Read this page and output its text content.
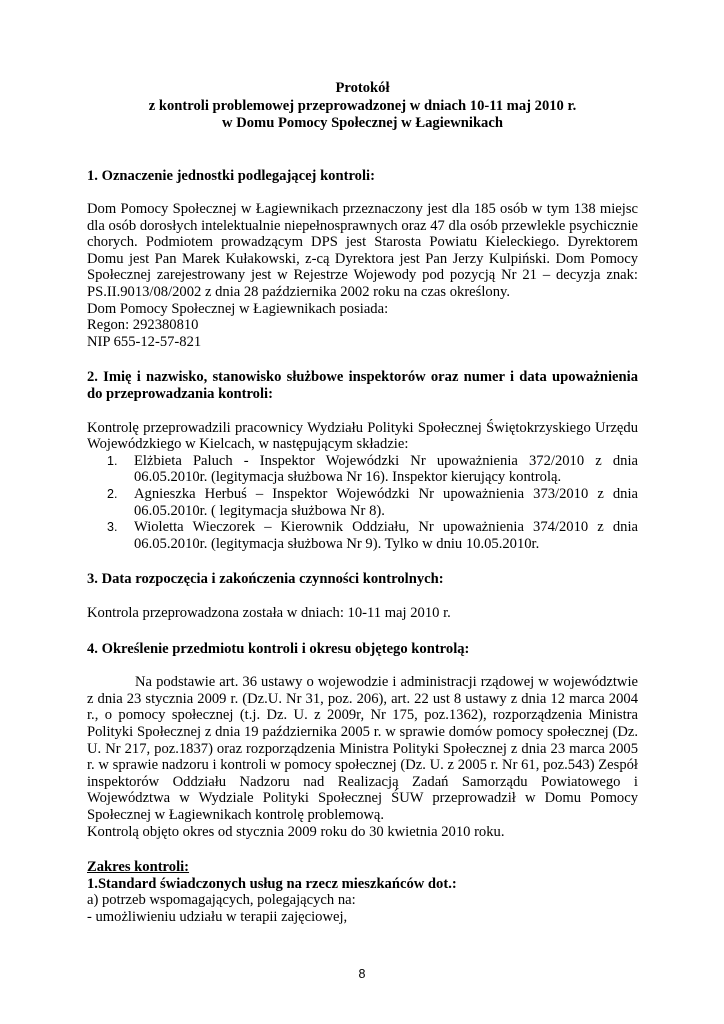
Protokół
z kontroli problemowej przeprowadzonej w dniach 10-11 maj 2010 r.
w Domu Pomocy Społecznej w Łagiewnikach

1. Oznaczenie jednostki podlegającej kontroli:

Dom Pomocy Społecznej w Łagiewnikach przeznaczony jest dla 185 osób w tym 138 miejsc dla osób dorosłych intelektualnie niepełnosprawnych oraz 47 dla osób przewlekle psychicznie chorych. Podmiotem prowadzącym DPS jest Starosta Powiatu Kieleckiego. Dyrektorem Domu jest Pan Marek Kułakowski, z-cą Dyrektora jest Pan Jerzy Kulpiński. Dom Pomocy Społecznej zarejestrowany jest w Rejestrze Wojewody pod pozycją Nr 21 – decyzja znak: PS.II.9013/08/2002 z dnia 28 października 2002 roku na czas określony.

Dom Pomocy Społecznej w Łagiewnikach posiada:

Regon: 292380810

NIP 655-12-57-821

2. Imię i nazwisko, stanowisko służbowe inspektorów oraz numer i data upoważnienia do przeprowadzania kontroli:

Kontrolę przeprowadzili pracownicy Wydziału Polityki Społecznej Świętokrzyskiego Urzędu Wojewódzkiego w Kielcach, w następującym składzie:

1. Elżbieta Paluch - Inspektor Wojewódzki Nr upoważnienia 372/2010 z dnia 06.05.2010r. (legitymacja służbowa Nr 16). Inspektor kierujący kontrolą.
2. Agnieszka Herbuś – Inspektor Wojewódzki Nr upoważnienia 373/2010 z dnia 06.05.2010r. ( legitymacja służbowa Nr 8).
3. Wioletta Wieczorek – Kierownik Oddziału, Nr upoważnienia 374/2010 z dnia 06.05.2010r. (legitymacja służbowa Nr 9). Tylko w dniu 10.05.2010r.

3. Data rozpoczęcia i zakończenia czynności kontrolnych:

Kontrola przeprowadzona została w dniach: 10-11 maj 2010 r.

4. Określenie przedmiotu kontroli i okresu objętego kontrolą:

Na podstawie art. 36 ustawy o wojewodzie i administracji rządowej w województwie z dnia 23 stycznia 2009 r. (Dz.U. Nr 31, poz. 206), art. 22 ust 8 ustawy z dnia 12 marca 2004 r., o pomocy społecznej (t.j. Dz. U. z 2009r, Nr 175, poz.1362), rozporządzenia Ministra Polityki Społecznej z dnia 19 października 2005 r. w sprawie domów pomocy społecznej (Dz. U. Nr 217, poz.1837) oraz rozporządzenia Ministra Polityki Społecznej z dnia 23 marca 2005 r. w sprawie nadzoru i kontroli w pomocy społecznej (Dz. U. z 2005 r. Nr 61, poz.543) Zespół inspektorów Oddziału Nadzoru nad Realizacją Zadań Samorządu Powiatowego i Województwa w Wydziale Polityki Społecznej ŚUW przeprowadził w Domu Pomocy Społecznej w Łagiewnikach kontrolę problemową.

Kontrolą objęto okres od stycznia 2009 roku do 30 kwietnia 2010 roku.

Zakres kontroli:

1.Standard świadczonych usług na rzecz mieszkańców dot.:

a) potrzeb wspomagających, polegających na:

- umożliwieniu udziału w terapii zajęciowej,

8
